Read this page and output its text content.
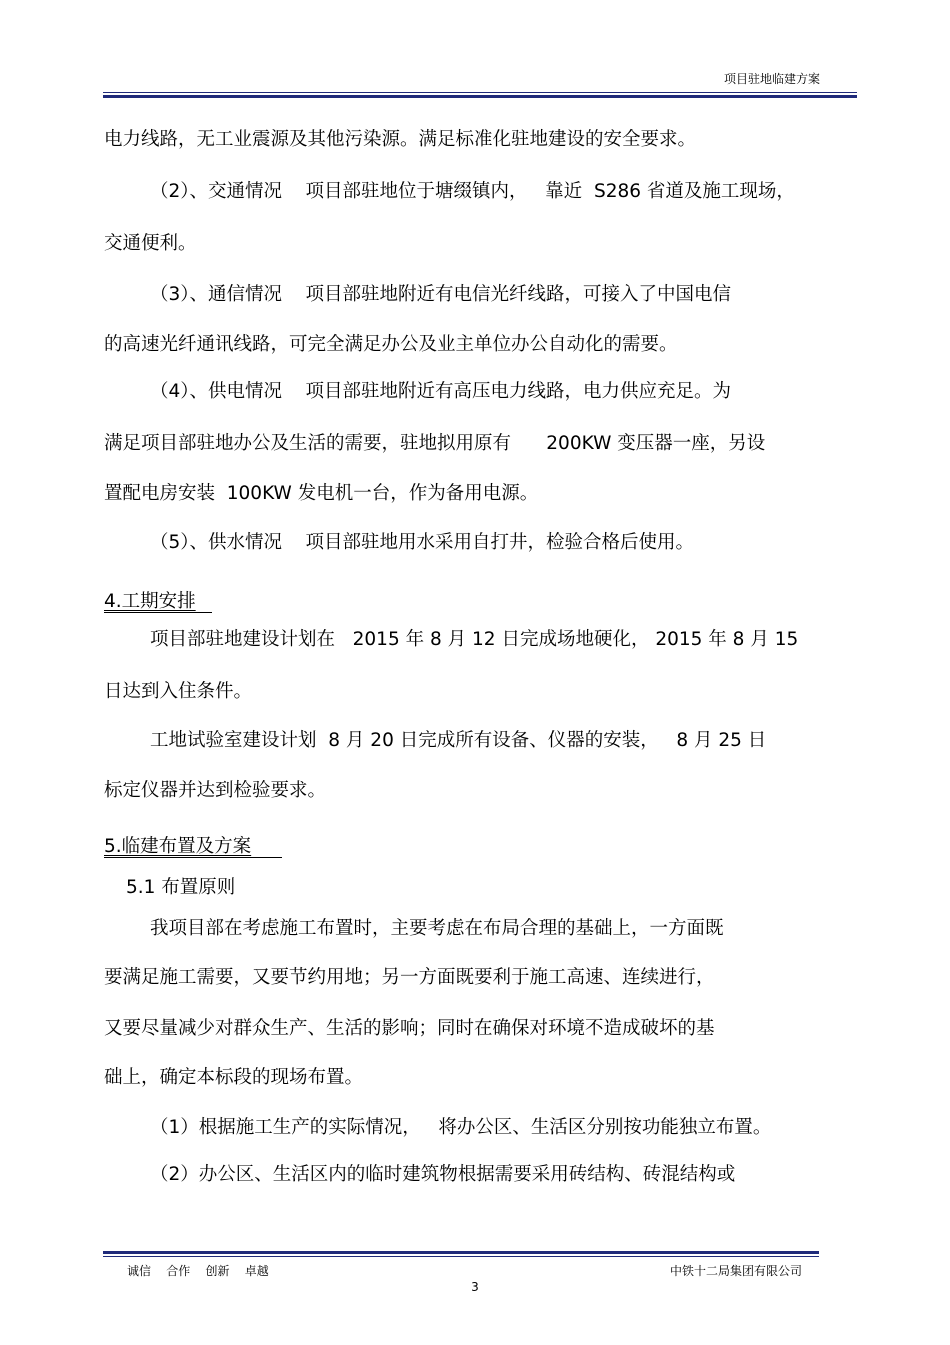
项目驻地临建方案
电力线路，无工业震源及其他污染源。满足标准化驻地建设的安全要求。
（2）、交通情况    项目部驻地位于塘缀镇内，   靠近  S286 省道及施工现场，
交通便利。
（3）、通信情况    项目部驻地附近有电信光纤线路，可接入了中国电信
的高速光纤通讯线路，可完全满足办公及业主单位办公自动化的需要。
（4）、供电情况    项目部驻地附近有高压电力线路，电力供应充足。为
满足项目部驻地办公及生活的需要，驻地拟用原有      200KW 变压器一座，另设
置配电房安装  100KW 发电机一台，作为备用电源。
（5）、供水情况    项目部驻地用水采用自打井，检验合格后使用。
4.工期安排
项目部驻地建设计划在   2015 年 8 月 12 日完成场地硬化， 2015 年 8 月 15
日达到入住条件。
工地试验室建设计划  8 月 20 日完成所有设备、仪器的安装，   8 月 25 日
标定仪器并达到检验要求。
5.临建布置及方案
5.1 布置原则
我项目部在考虑施工布置时，主要考虑在布局合理的基础上，一方面既
要满足施工需要，又要节约用地；另一方面既要利于施工高速、连续进行，
又要尽量减少对群众生产、生活的影响；同时在确保对环境不造成破坏的基
础上，确定本标段的现场布置。
（1）根据施工生产的实际情况，   将办公区、生活区分别按功能独立布置。
（2）办公区、生活区内的临时建筑物根据需要采用砖结构、砖混结构或
诚信    合作    创新    卓越	中铁十二局集团有限公司
3
